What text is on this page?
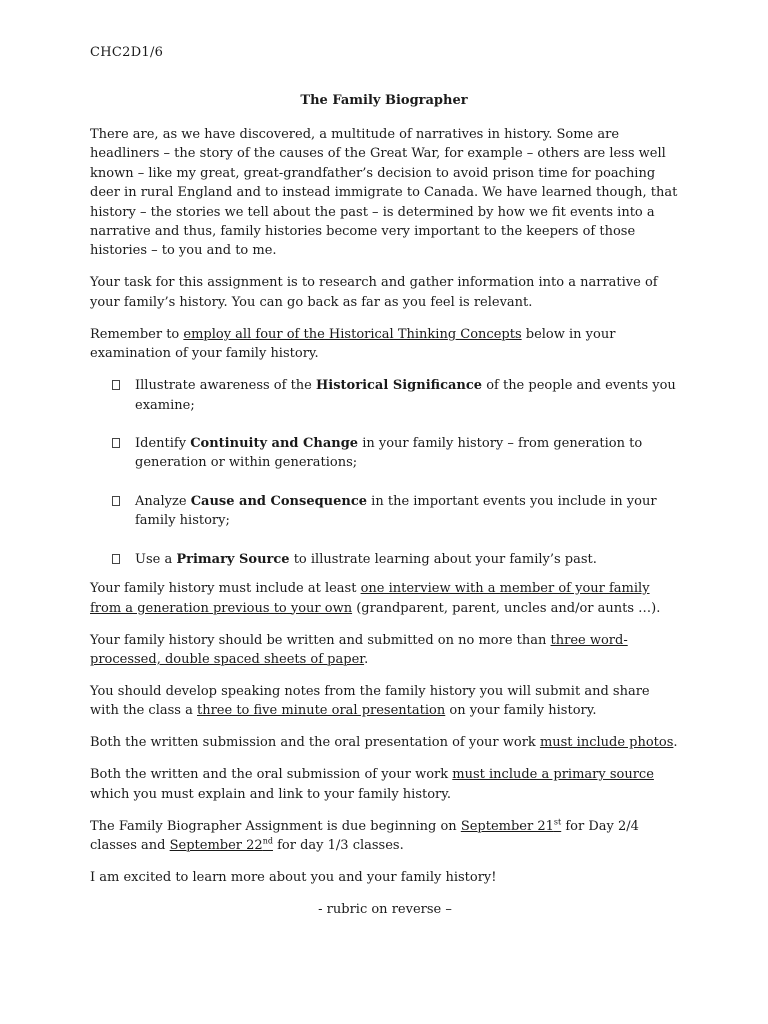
CHC2D1/6
The Family Biographer

There are, as we have discovered, a multitude of narratives in history. Some are headliners – the story of the causes of the Great War, for example – others are less well known – like my great, great-grandfather’s decision to avoid prison time for poaching deer in rural England and to instead immigrate to Canada. We have learned though, that history – the stories we tell about the past – is determined by how we fit events into a narrative and thus, family histories become very important to the keepers of those histories – to you and to me.

Your task for this assignment is to research and gather information into a narrative of your family’s history. You can go back as far as you feel is relevant.

Remember to employ all four of the Historical Thinking Concepts below in your examination of your family history.

Illustrate awareness of the Historical Significance of the people and events you examine;
Identify Continuity and Change in your family history – from generation to generation or within generations;
Analyze Cause and Consequence in the important events you include in your family history;
Use a Primary Source to illustrate learning about your family’s past.

Your family history must include at least one interview with a member of your family from a generation previous to your own (grandparent, parent, uncles and/or aunts …).

Your family history should be written and submitted on no more than three word-processed, double spaced sheets of paper.

You should develop speaking notes from the family history you will submit and share with the class a three to five minute oral presentation on your family history.

Both the written submission and the oral presentation of your work must include photos.

Both the written and the oral submission of your work must include a primary source which you must explain and link to your family history.

The Family Biographer Assignment is due beginning on September 21st for Day 2/4 classes and September 22nd for day 1/3 classes.

I am excited to learn more about you and your family history!

- rubric on reverse –
